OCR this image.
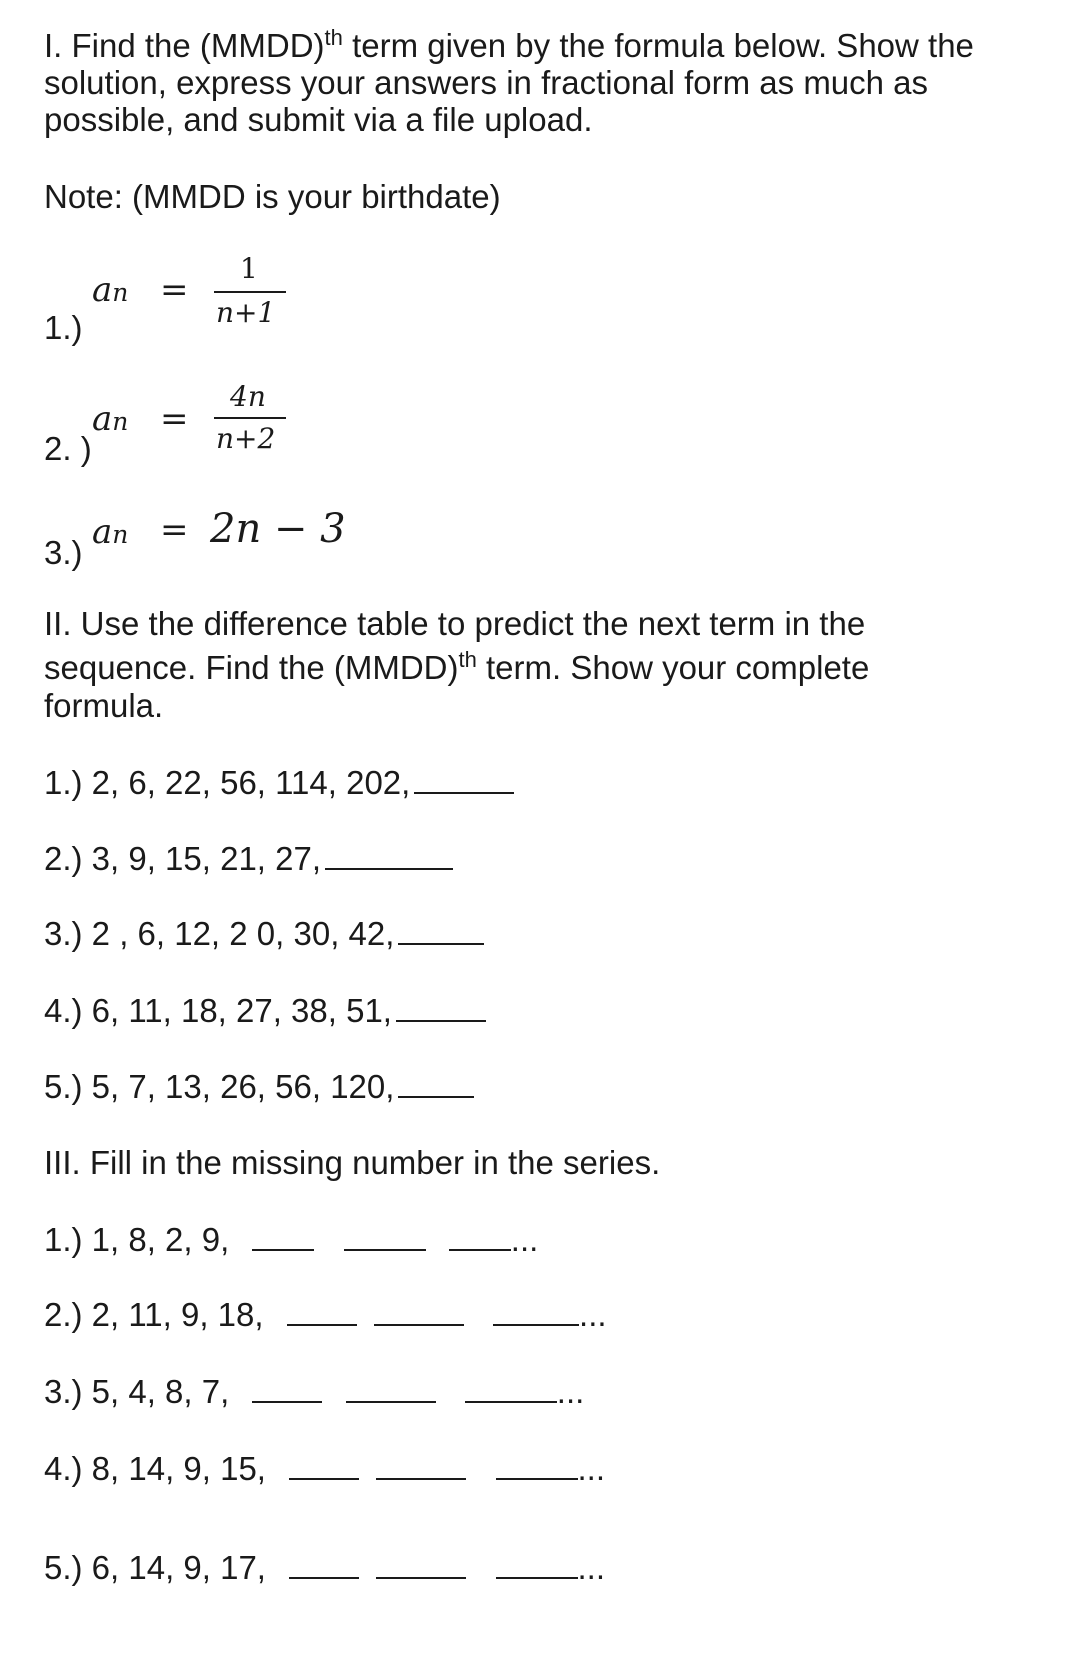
I. Find the (MMDD)$^{th}$ term given by the formula below. Show the
solution, express your answers in fractional form as much as
possible, and submit via a file upload.
Note: (MMDD is your birthdate)
1.)
an =
1
n+1
2. )
an =
4n
n+2
3.)
an = 2n − 3
II. Use the difference table to predict the next term in the
sequence. Find the (MMDD)$^{th}$ term. Show your complete
formula.
1.) 2, 6, 22, 56, 114, 202,
2.) 3, 9, 15, 21, 27,
3.) 2 , 6, 12, 2 0, 30, 42,
4.) 6, 11, 18, 27, 38, 51,
5.) 5, 7, 13, 26, 56, 120,
III. Fill in the missing number in the series.
1.) 1, 8, 2, 9,	...
2.) 2, 11, 9, 18,	...
3.) 5, 4, 8, 7,	...
4.) 8, 14, 9, 15,	...
5.) 6, 14, 9, 17,	...
